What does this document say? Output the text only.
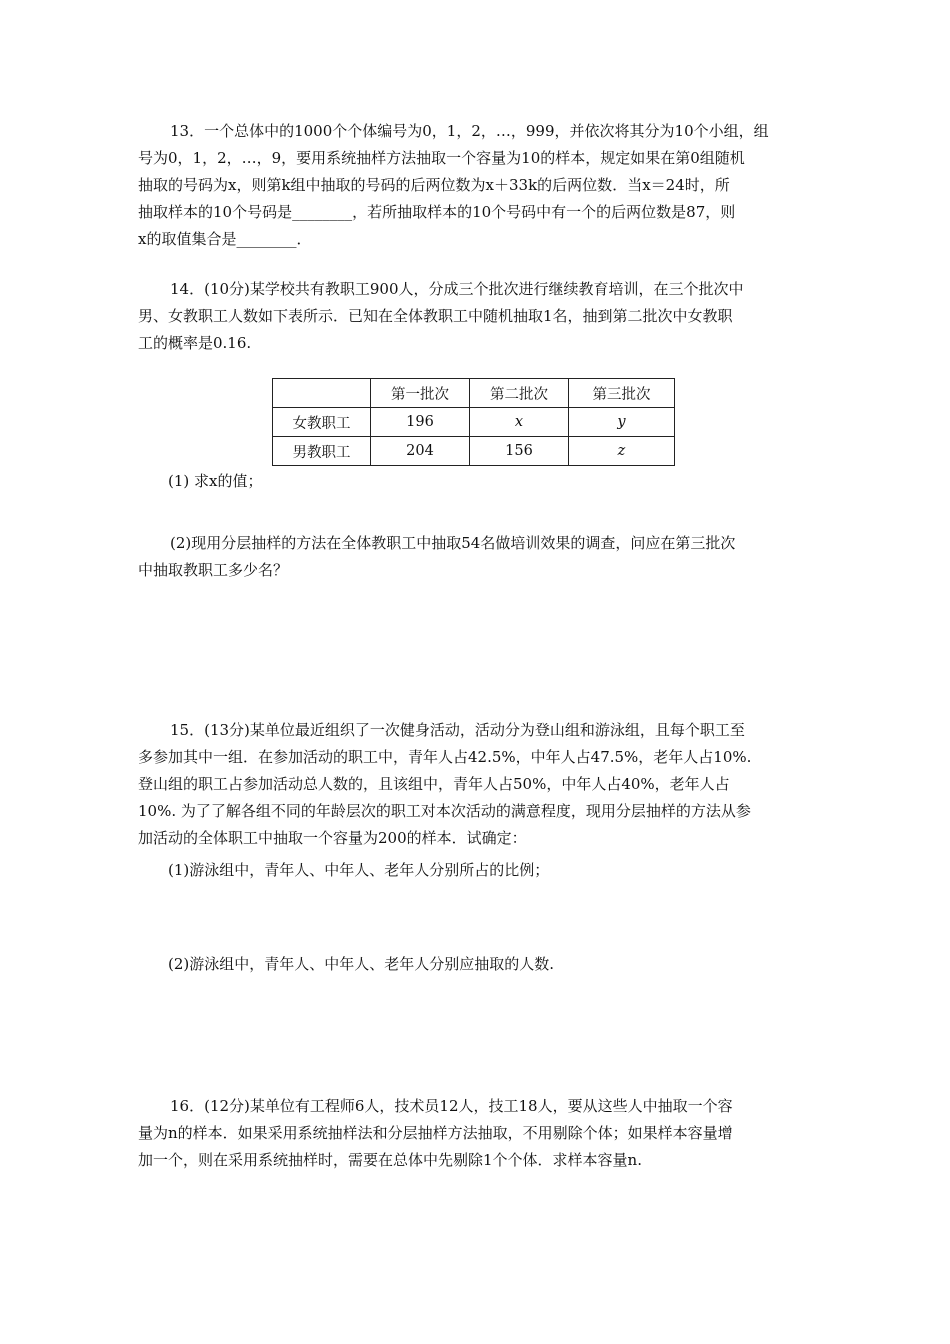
13．一个总体中的1000个个体编号为0，1，2，…，999，并依次将其分为10个小组，组
号为0，1，2，…，9，要用系统抽样方法抽取一个容量为10的样本，规定如果在第0组随机
抽取的号码为x，则第k组中抽取的号码的后两位数为x＋33k的后两位数．当x＝24时，所
抽取样本的10个号码是________，若所抽取样本的10个号码中有一个的后两位数是87，则
x的取值集合是________．
14．(10分)某学校共有教职工900人，分成三个批次进行继续教育培训，在三个批次中
男、女教职工人数如下表所示．已知在全体教职工中随机抽取1名，抽到第二批次中女教职
工的概率是0.16.
	第一批次	第二批次	第三批次
女教职工	196	x	y
男教职工	204	156	z

(1) 求x的值；

(2)现用分层抽样的方法在全体教职工中抽取54名做培训效果的调查，问应在第三批次
中抽取教职工多少名？
15．(13分)某单位最近组织了一次健身活动，活动分为登山组和游泳组，且每个职工至
多参加其中一组．在参加活动的职工中，青年人占42.5%，中年人占47.5%，老年人占10%.
登山组的职工占参加活动总人数的，且该组中，青年人占50%，中年人占40%，老年人占
10%. 为了了解各组不同的年龄层次的职工对本次活动的满意程度，现用分层抽样的方法从参
加活动的全体职工中抽取一个容量为200的样本．试确定：

(1)游泳组中，青年人、中年人、老年人分别所占的比例；

(2)游泳组中，青年人、中年人、老年人分别应抽取的人数.

16．(12分)某单位有工程师6人，技术员12人，技工18人，要从这些人中抽取一个容
量为n的样本．如果采用系统抽样法和分层抽样方法抽取，不用剔除个体；如果样本容量增
加一个，则在采用系统抽样时，需要在总体中先剔除1个个体．求样本容量n.
